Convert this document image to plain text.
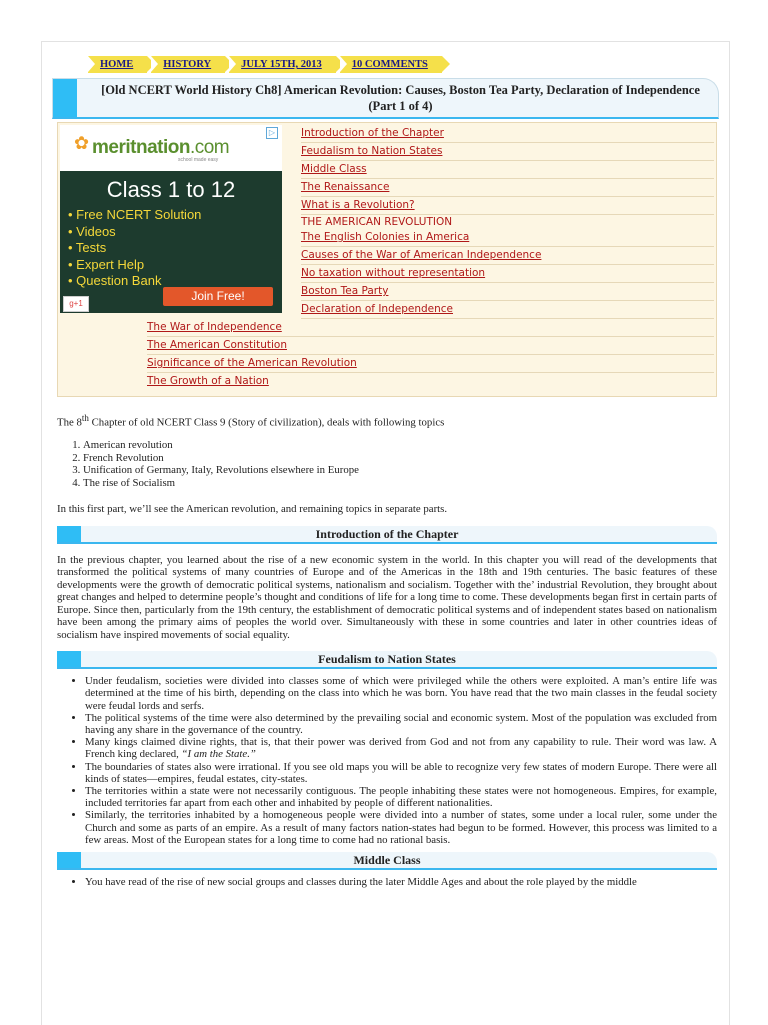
HOME	HISTORY	JULY 15TH, 2013	10 COMMENTS
[Old NCERT World History Ch8] American Revolution: Causes, Boston Tea Party, Declaration of Independence (Part 1 of 4)
✿ meritnation.com
school made easy
▷
Class 1 to 12
• Free NCERT Solution
• Videos
• Tests
• Expert Help
• Question Bank
g+1
Join Free!
Introduction of the Chapter
Feudalism to Nation States
Middle Class
The Renaissance
What is a Revolution?
THE AMERICAN REVOLUTION
The English Colonies in America
Causes of the War of American Independence
No taxation without representation
Boston Tea Party
Declaration of Independence
The War of Independence
The American Constitution
Significance of the American Revolution
The Growth of a Nation

The 8th Chapter of old NCERT Class 9 (Story of civilization), deals with following topics

1. American revolution
2. French Revolution
3. Unification of Germany, Italy, Revolutions elsewhere in Europe
4. The rise of Socialism

In this first part, we’ll see the American revolution, and remaining topics in separate parts.

Introduction of the Chapter

In the previous chapter, you learned about the rise of a new economic system in the world. In this chapter you will read of the developments that transformed the political systems of many countries of Europe and of the Americas in the 18th and 19th centuries. The basic features of these developments were the growth of democratic political systems, nationalism and socialism. Together with the’ industrial Revolution, they brought about great changes and helped to determine people’s thought and conditions of life for a long time to come. These developments began first in certain parts of Europe. Since then, particularly from the 19th century, the establishment of democratic political systems and of independent states based on nationalism have been among the primary aims of peoples the world over. Simultaneously with these in some countries and later in other countries ideas of socialism have inspired movements of social equality.

Feudalism to Nation States
• Under feudalism, societies were divided into classes some of which were privileged while the others were exploited. A man’s entire life was determined at the time of his birth, depending on the class into which he was born. You have read that the two main classes in the feudal society were feudal lords and serfs.
• The political systems of the time were also determined by the prevailing social and economic system. Most of the population was excluded from having any share in the governance of the country.
• Many kings claimed divine rights, that is, that their power was derived from God and not from any capability to rule. Their word was law. A French king declared, “I am the State.”
• The boundaries of states also were irrational. If you see old maps you will be able to recognize very few states of modern Europe. There were all kinds of states—empires, feudal estates, city-states.
• The territories within a state were not necessarily contiguous. The people inhabiting these states were not homogeneous. Empires, for example, included territories far apart from each other and inhabited by people of different nationalities.
• Similarly, the territories inhabited by a homogeneous people were divided into a number of states, some under a local ruler, some under the Church and some as parts of an empire. As a result of many factors nation-states had begun to be formed. However, this process was limited to a few areas. Most of the European states for a long time to come had no rational basis.
Middle Class
• You have read of the rise of new social groups and classes during the later Middle Ages and about the role played by the middle
